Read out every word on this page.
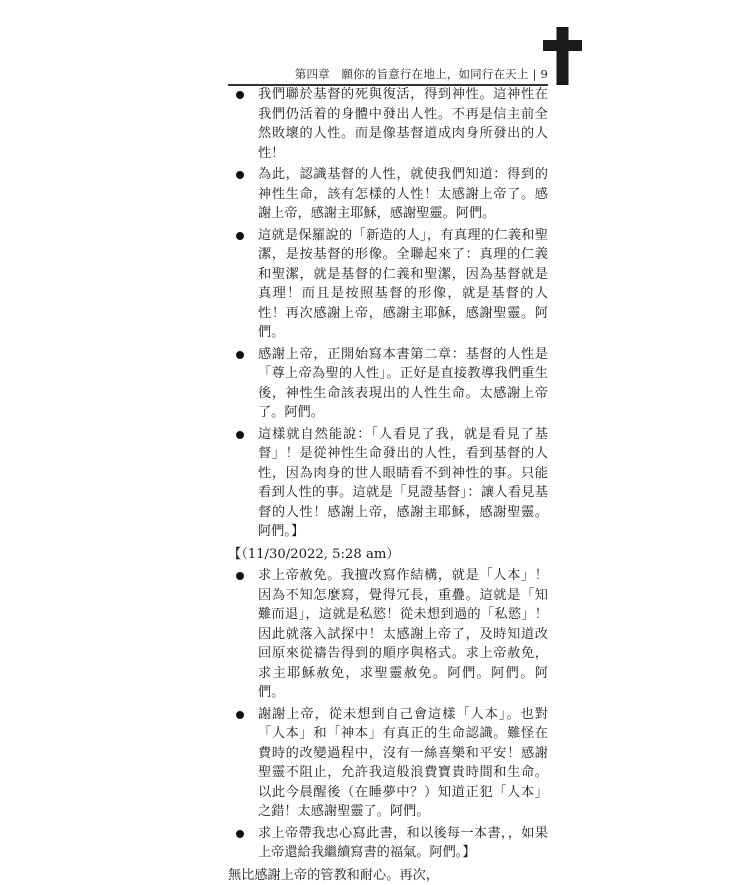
第四章 願你的旨意行在地上，如同行在天上 | 9
我們聯於基督的死與復活，得到神性。這神性在我們仍活着的身體中發出人性。不再是信主前全然敗壞的人性。而是像基督道成肉身所發出的人性！
為此，認識基督的人性，就使我們知道：得到的神性生命，該有怎樣的人性！太感謝上帝了。感謝上帝，感謝主耶穌，感謝聖靈。阿們。
這就是保羅說的「新造的人」，有真理的仁義和聖潔，是按基督的形像。全聯起來了：真理的仁義和聖潔，就是基督的仁義和聖潔，因為基督就是真理！而且是按照基督的形像，就是基督的人性！再次感謝上帝，感謝主耶穌，感謝聖靈。阿們。
感謝上帝，正開始寫本書第二章：基督的人性是「尊上帝為聖的人性」。正好是直接教導我們重生後，神性生命該表現出的人性生命。太感謝上帝了。阿們。
這樣就自然能說：「人看見了我，就是看見了基督」！是從神性生命發出的人性，看到基督的人性，因為肉身的世人眼睛看不到神性的事。只能看到人性的事。這就是「見證基督」：讓人看見基督的人性！感謝上帝，感謝主耶穌，感謝聖靈。阿們。】
【（11/30/2022, 5:28 am）
求上帝赦免。我擅改寫作結構，就是「人本」！因為不知怎麼寫，覺得冗長，重疊。這就是「知難而退」，這就是私慾！從未想到過的「私慾」！因此就落入試探中！太感謝上帝了，及時知道改回原來從禱告得到的順序與格式。求上帝赦免，求主耶穌赦免，求聖靈赦免。阿們。阿們。阿們。
謝謝上帝，從未想到自己會這樣「人本」。也對「人本」和「神本」有真正的生命認識。難怪在費時的改變過程中，沒有一絲喜樂和平安！感謝聖靈不阻止，允許我這般浪費寶貴時間和生命。以此今晨醒後（在睡夢中？）知道正犯「人本」之錯！太感謝聖靈了。阿們。
求上帝帶我忠心寫此書，和以後每一本書，，如果上帝還給我繼續寫書的福氣。阿們。】
無比感謝上帝的管教和耐心。再次，
